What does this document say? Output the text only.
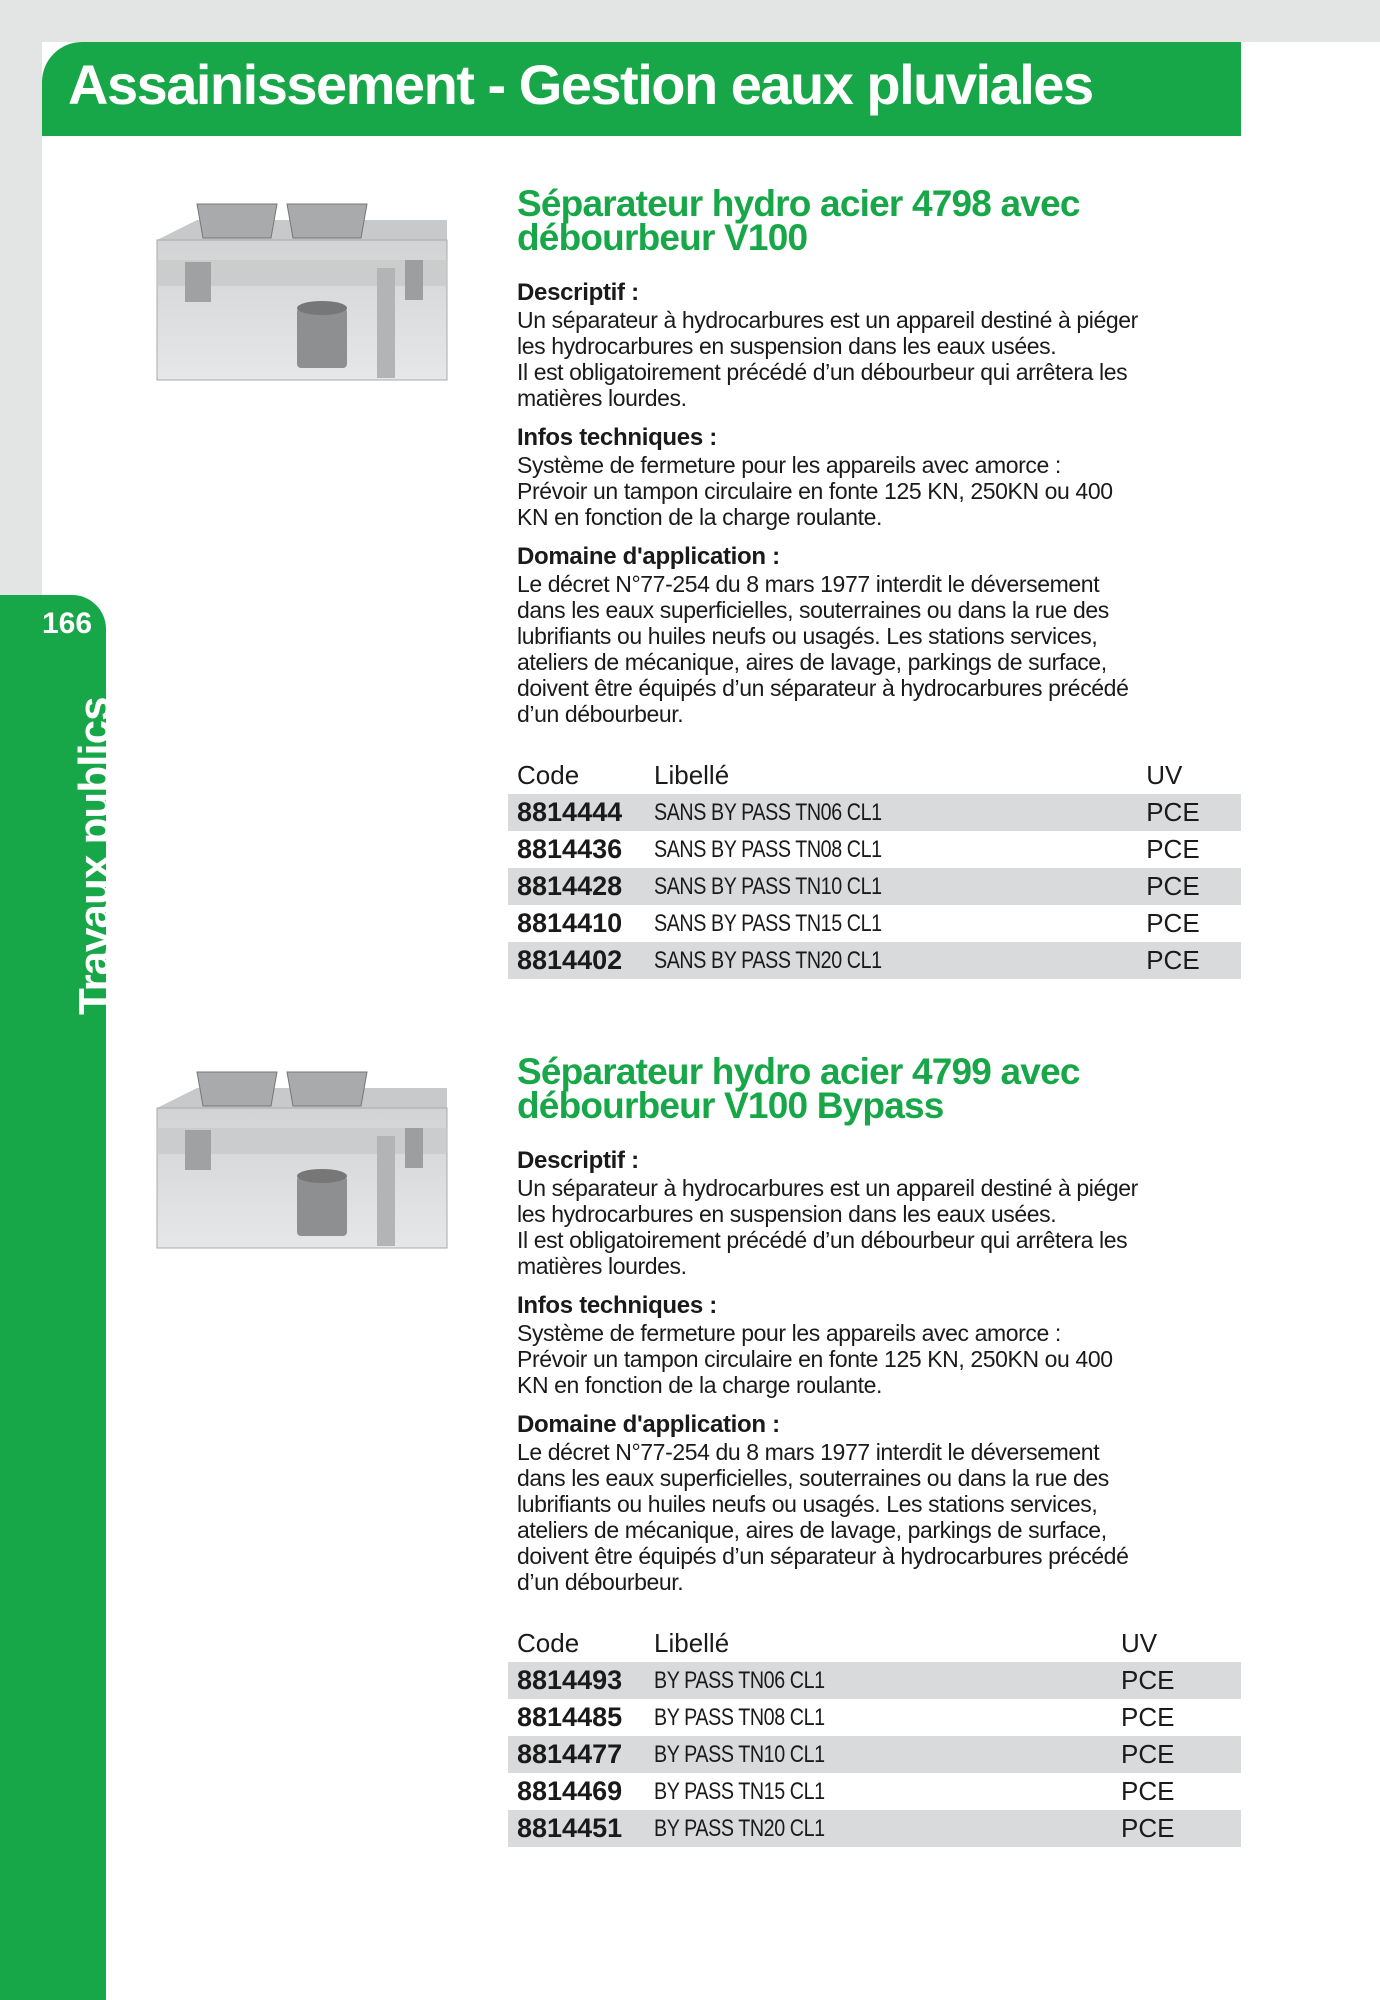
Assainissement - Gestion eaux pluviales
166
Travaux publics
Séparateur hydro acier 4798 avec
débourbeur V100
Descriptif :
Un séparateur à hydrocarbures est un appareil destiné à piéger
les hydrocarbures en suspension dans les eaux usées.
Il est obligatoirement précédé d’un débourbeur qui arrêtera les
matières lourdes.
Infos techniques :
Système de fermeture pour les appareils avec amorce :
Prévoir un tampon circulaire en fonte 125 KN, 250KN ou 400
KN en fonction de la charge roulante.
Domaine d'application :
Le décret N°77-254 du 8 mars 1977 interdit le déversement
dans les eaux superficielles, souterraines ou dans la rue des
lubrifiants ou huiles neufs ou usagés. Les stations services,
ateliers de mécanique, aires de lavage, parkings de surface,
doivent être équipés d’un séparateur à hydrocarbures précédé
d’un débourbeur.
Code	Libellé	UV
8814444	SANS BY PASS TN06 CL1	PCE
8814436	SANS BY PASS TN08 CL1	PCE
8814428	SANS BY PASS TN10 CL1	PCE
8814410	SANS BY PASS TN15 CL1	PCE
8814402	SANS BY PASS TN20 CL1	PCE
Séparateur hydro acier 4799 avec
débourbeur V100 Bypass
Descriptif :
Un séparateur à hydrocarbures est un appareil destiné à piéger
les hydrocarbures en suspension dans les eaux usées.
Il est obligatoirement précédé d’un débourbeur qui arrêtera les
matières lourdes.
Infos techniques :
Système de fermeture pour les appareils avec amorce :
Prévoir un tampon circulaire en fonte 125 KN, 250KN ou 400
KN en fonction de la charge roulante.
Domaine d'application :
Le décret N°77-254 du 8 mars 1977 interdit le déversement
dans les eaux superficielles, souterraines ou dans la rue des
lubrifiants ou huiles neufs ou usagés. Les stations services,
ateliers de mécanique, aires de lavage, parkings de surface,
doivent être équipés d’un séparateur à hydrocarbures précédé
d’un débourbeur.
Code	Libellé	UV
8814493	BY PASS TN06 CL1	PCE
8814485	BY PASS TN08 CL1	PCE
8814477	BY PASS TN10 CL1	PCE
8814469	BY PASS TN15 CL1	PCE
8814451	BY PASS TN20 CL1	PCE
